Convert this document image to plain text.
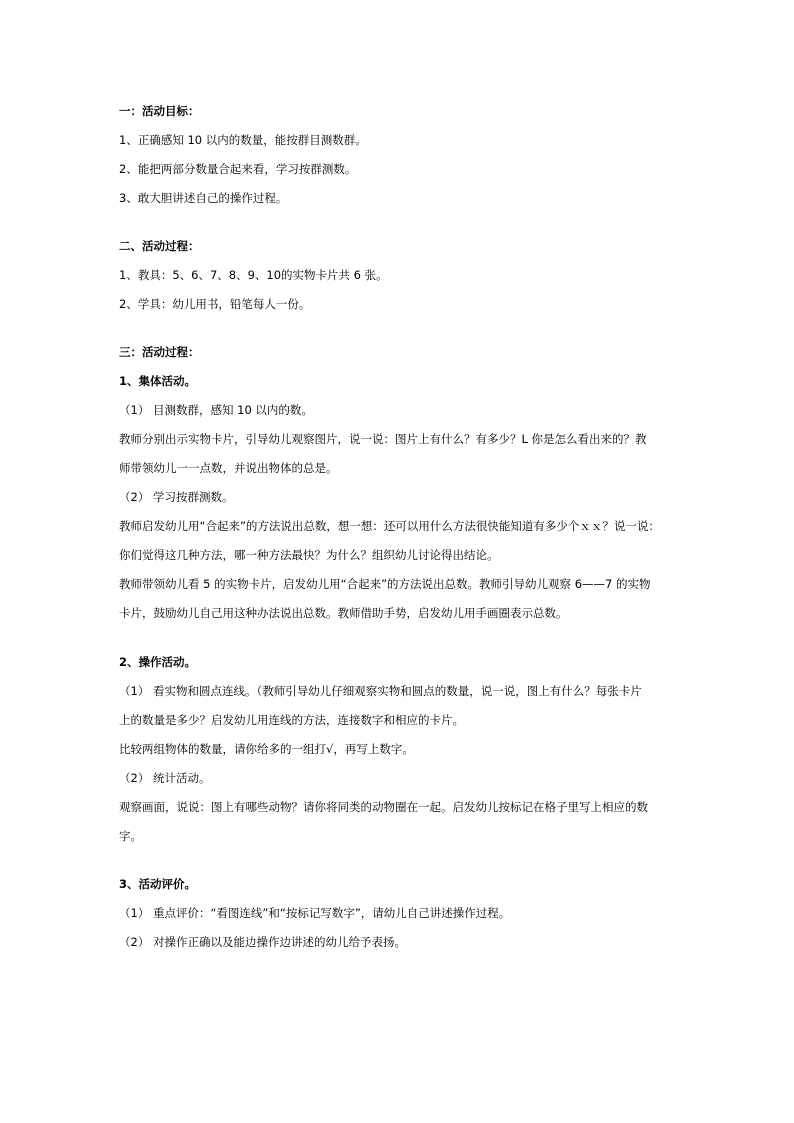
一：活动目标：
1、正确感知 10 以内的数量，能按群目测数群。
2、能把两部分数量合起来看，学习按群测数。
3、敢大胆讲述自己的操作过程。
二、活动过程：
1、教具：5、6、7、8、9、10的实物卡片共 6 张。
2、学具：幼儿用书，铅笔每人一份。
三：活动过程：
1、集体活动。
（1） 目测数群，感知 10 以内的数。
教师分别出示实物卡片，引导幼儿观察图片，说一说：图片上有什么？有多少？L 你是怎么看出来的？教
师带领幼儿一一点数，并说出物体的总是。
（2） 学习按群测数。
教师启发幼儿用“合起来”的方法说出总数，想一想：还可以用什么方法很快能知道有多少个ｘｘ？说一说：
你们觉得这几种方法，哪一种方法最快？为什么？组织幼儿讨论得出结论。
教师带领幼儿看 5 的实物卡片，启发幼儿用“合起来”的方法说出总数。教师引导幼儿观察 6——7 的实物
卡片，鼓励幼儿自己用这种办法说出总数。教师借助手势，启发幼儿用手画圈表示总数。
2、操作活动。
（1） 看实物和圆点连线。（教师引导幼儿仔细观察实物和圆点的数量，说一说，图上有什么？每张卡片
上的数量是多少？启发幼儿用连线的方法，连接数字和相应的卡片。
比较两组物体的数量，请你给多的一组打√，再写上数字。
（2） 统计活动。
观察画面，说说：图上有哪些动物？请你将同类的动物圈在一起。启发幼儿按标记在格子里写上相应的数
字。
3、活动评价。
（1） 重点评价：“看图连线”和“按标记写数字”，请幼儿自己讲述操作过程。
（2） 对操作正确以及能边操作边讲述的幼儿给予表扬。
